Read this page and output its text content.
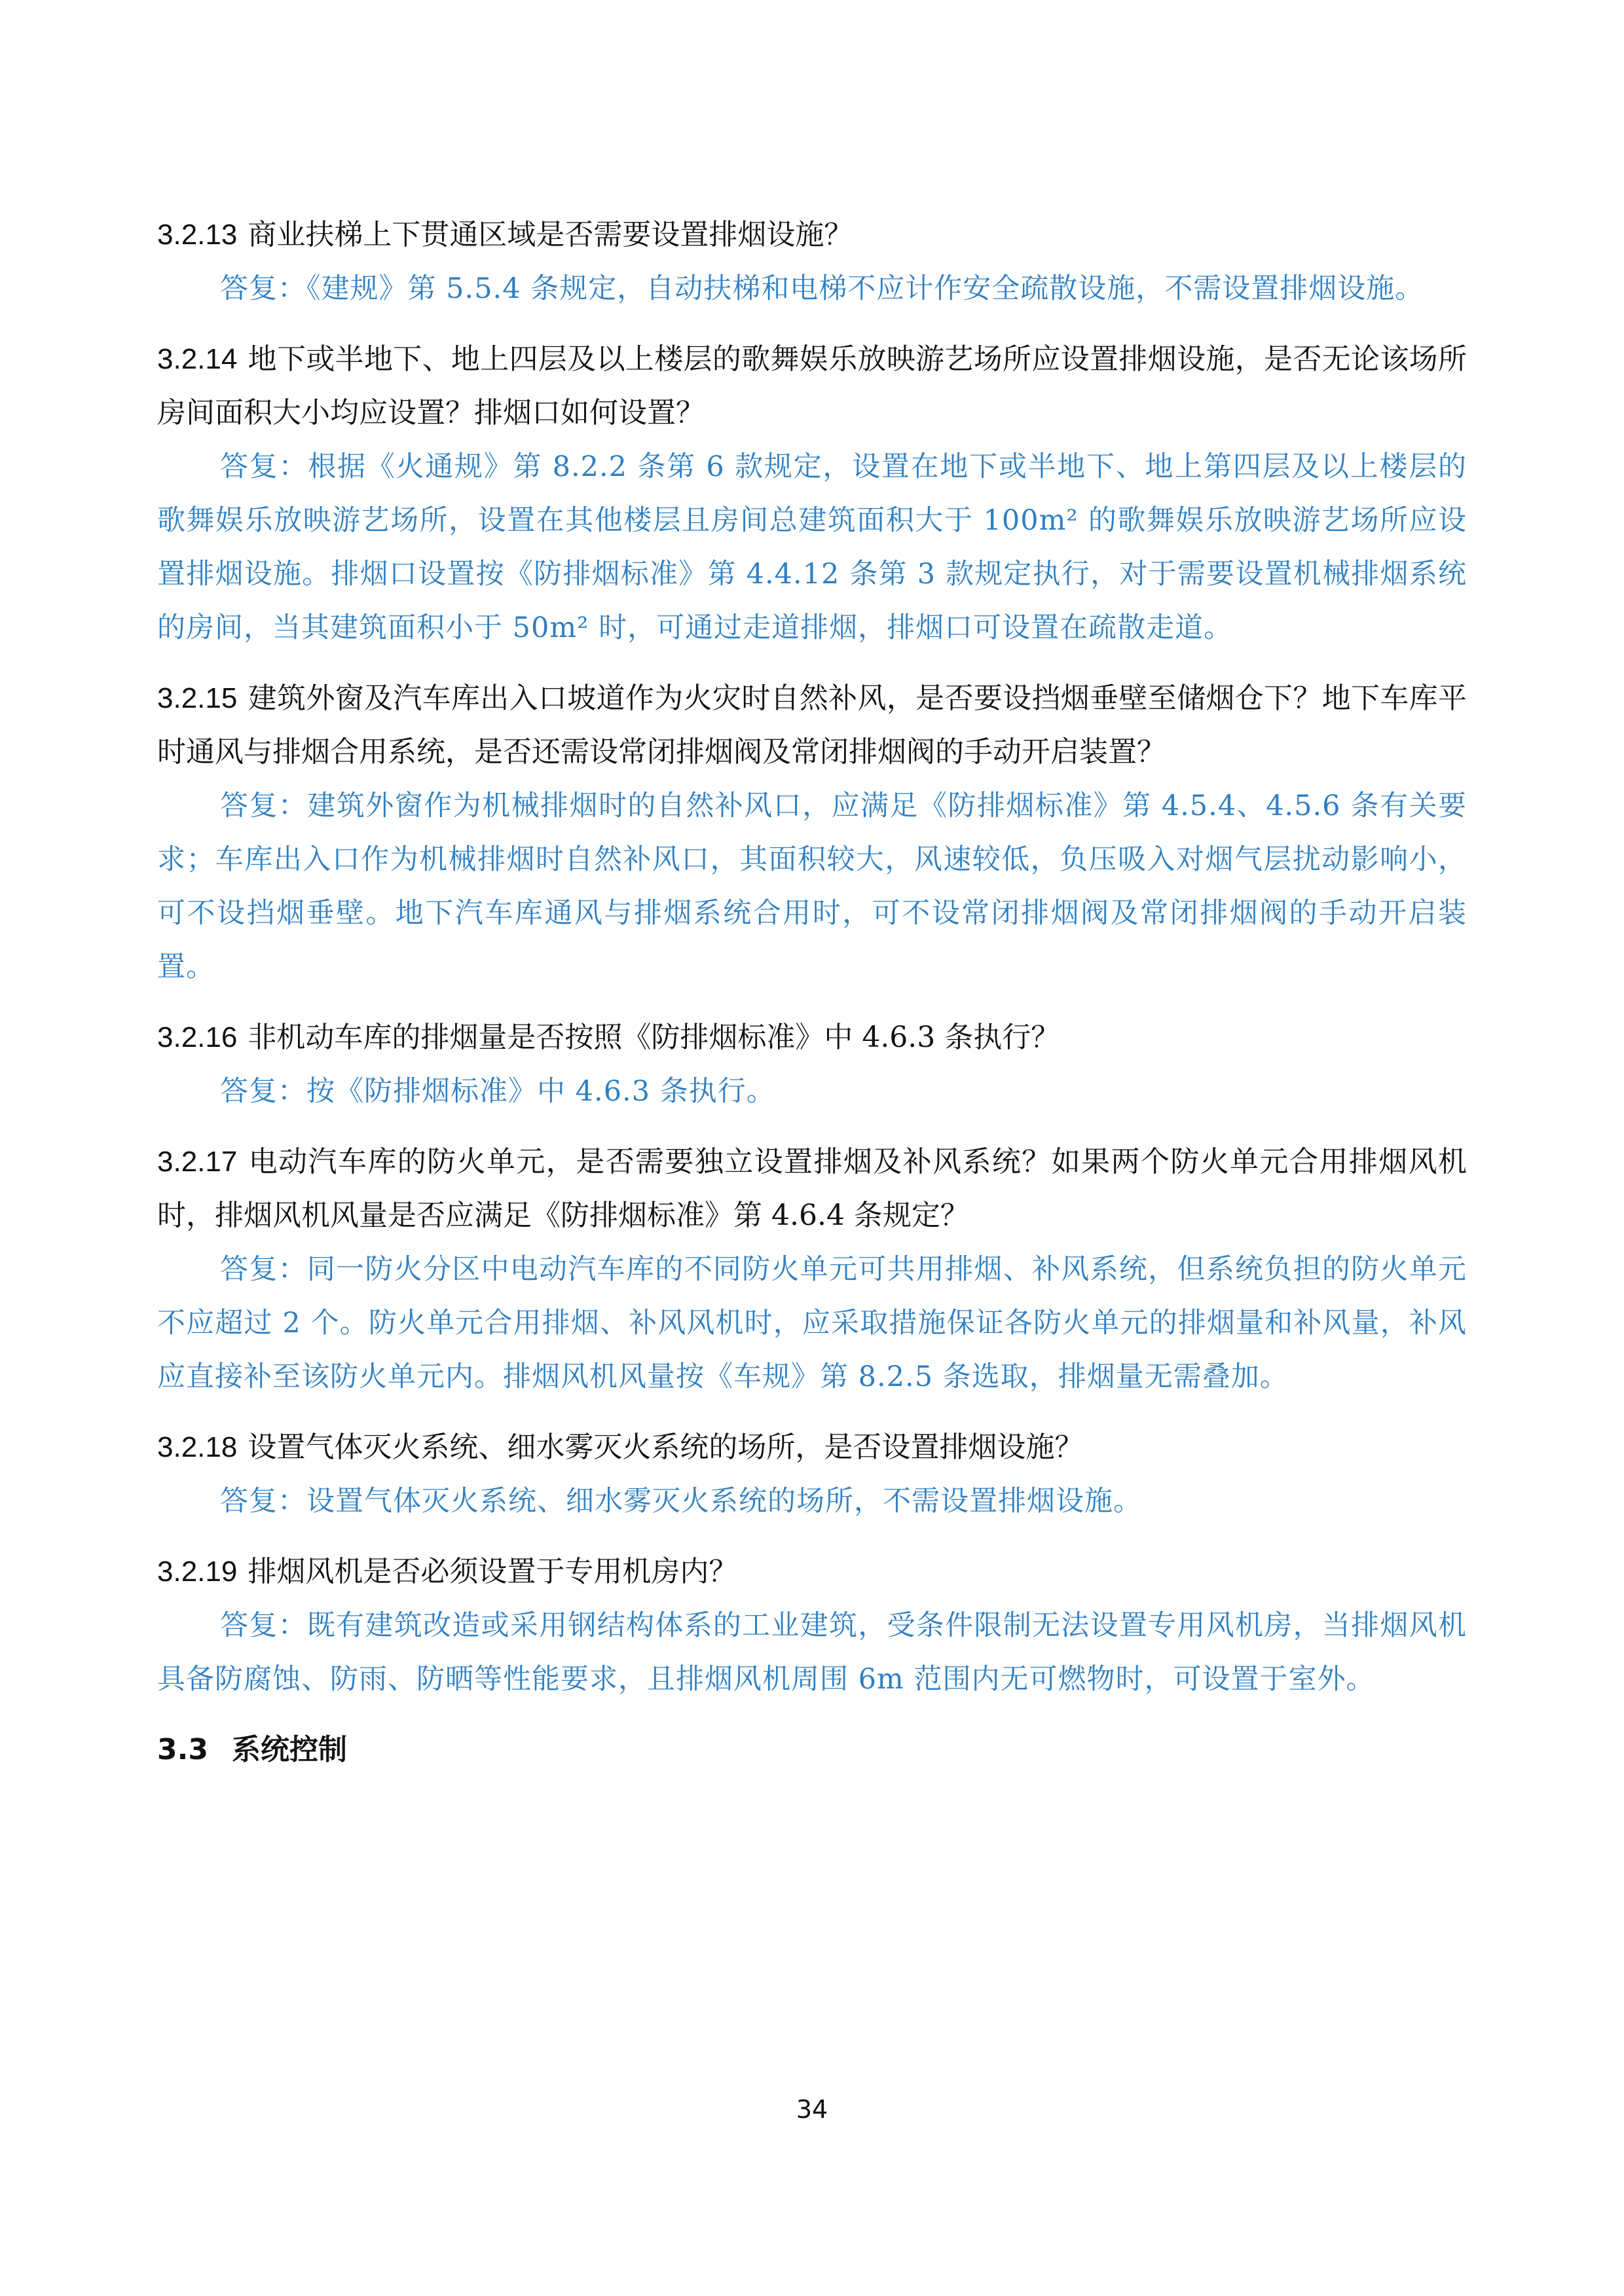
3.2.13 商业扶梯上下贯通区域是否需要设置排烟设施？

答复：《建规》第 5.5.4 条规定，自动扶梯和电梯不应计作安全疏散设施，不需设置排烟设施。

3.2.14 地下或半地下、地上四层及以上楼层的歌舞娱乐放映游艺场所应设置排烟设施，是否无论该场所房间面积大小均应设置？排烟口如何设置？

答复：根据《火通规》第 8.2.2 条第 6 款规定，设置在地下或半地下、地上第四层及以上楼层的歌舞娱乐放映游艺场所，设置在其他楼层且房间总建筑面积大于 100m² 的歌舞娱乐放映游艺场所应设置排烟设施。排烟口设置按《防排烟标准》第 4.4.12 条第 3 款规定执行，对于需要设置机械排烟系统的房间，当其建筑面积小于 50m² 时，可通过走道排烟，排烟口可设置在疏散走道。

3.2.15 建筑外窗及汽车库出入口坡道作为火灾时自然补风，是否要设挡烟垂壁至储烟仓下？地下车库平时通风与排烟合用系统，是否还需设常闭排烟阀及常闭排烟阀的手动开启装置？

答复：建筑外窗作为机械排烟时的自然补风口，应满足《防排烟标准》第 4.5.4、4.5.6 条有关要求；车库出入口作为机械排烟时自然补风口，其面积较大，风速较低，负压吸入对烟气层扰动影响小，可不设挡烟垂壁。地下汽车库通风与排烟系统合用时，可不设常闭排烟阀及常闭排烟阀的手动开启装置。

3.2.16 非机动车库的排烟量是否按照《防排烟标准》中 4.6.3 条执行？

答复：按《防排烟标准》中 4.6.3 条执行。

3.2.17 电动汽车库的防火单元，是否需要独立设置排烟及补风系统？如果两个防火单元合用排烟风机时，排烟风机风量是否应满足《防排烟标准》第 4.6.4 条规定？

答复：同一防火分区中电动汽车库的不同防火单元可共用排烟、补风系统，但系统负担的防火单元不应超过 2 个。防火单元合用排烟、补风风机时，应采取措施保证各防火单元的排烟量和补风量，补风应直接补至该防火单元内。排烟风机风量按《车规》第 8.2.5 条选取，排烟量无需叠加。

3.2.18 设置气体灭火系统、细水雾灭火系统的场所，是否设置排烟设施？

答复：设置气体灭火系统、细水雾灭火系统的场所，不需设置排烟设施。

3.2.19 排烟风机是否必须设置于专用机房内？

答复：既有建筑改造或采用钢结构体系的工业建筑，受条件限制无法设置专用风机房，当排烟风机具备防腐蚀、防雨、防晒等性能要求，且排烟风机周围 6m 范围内无可燃物时，可设置于室外。

3.3 系统控制
34
